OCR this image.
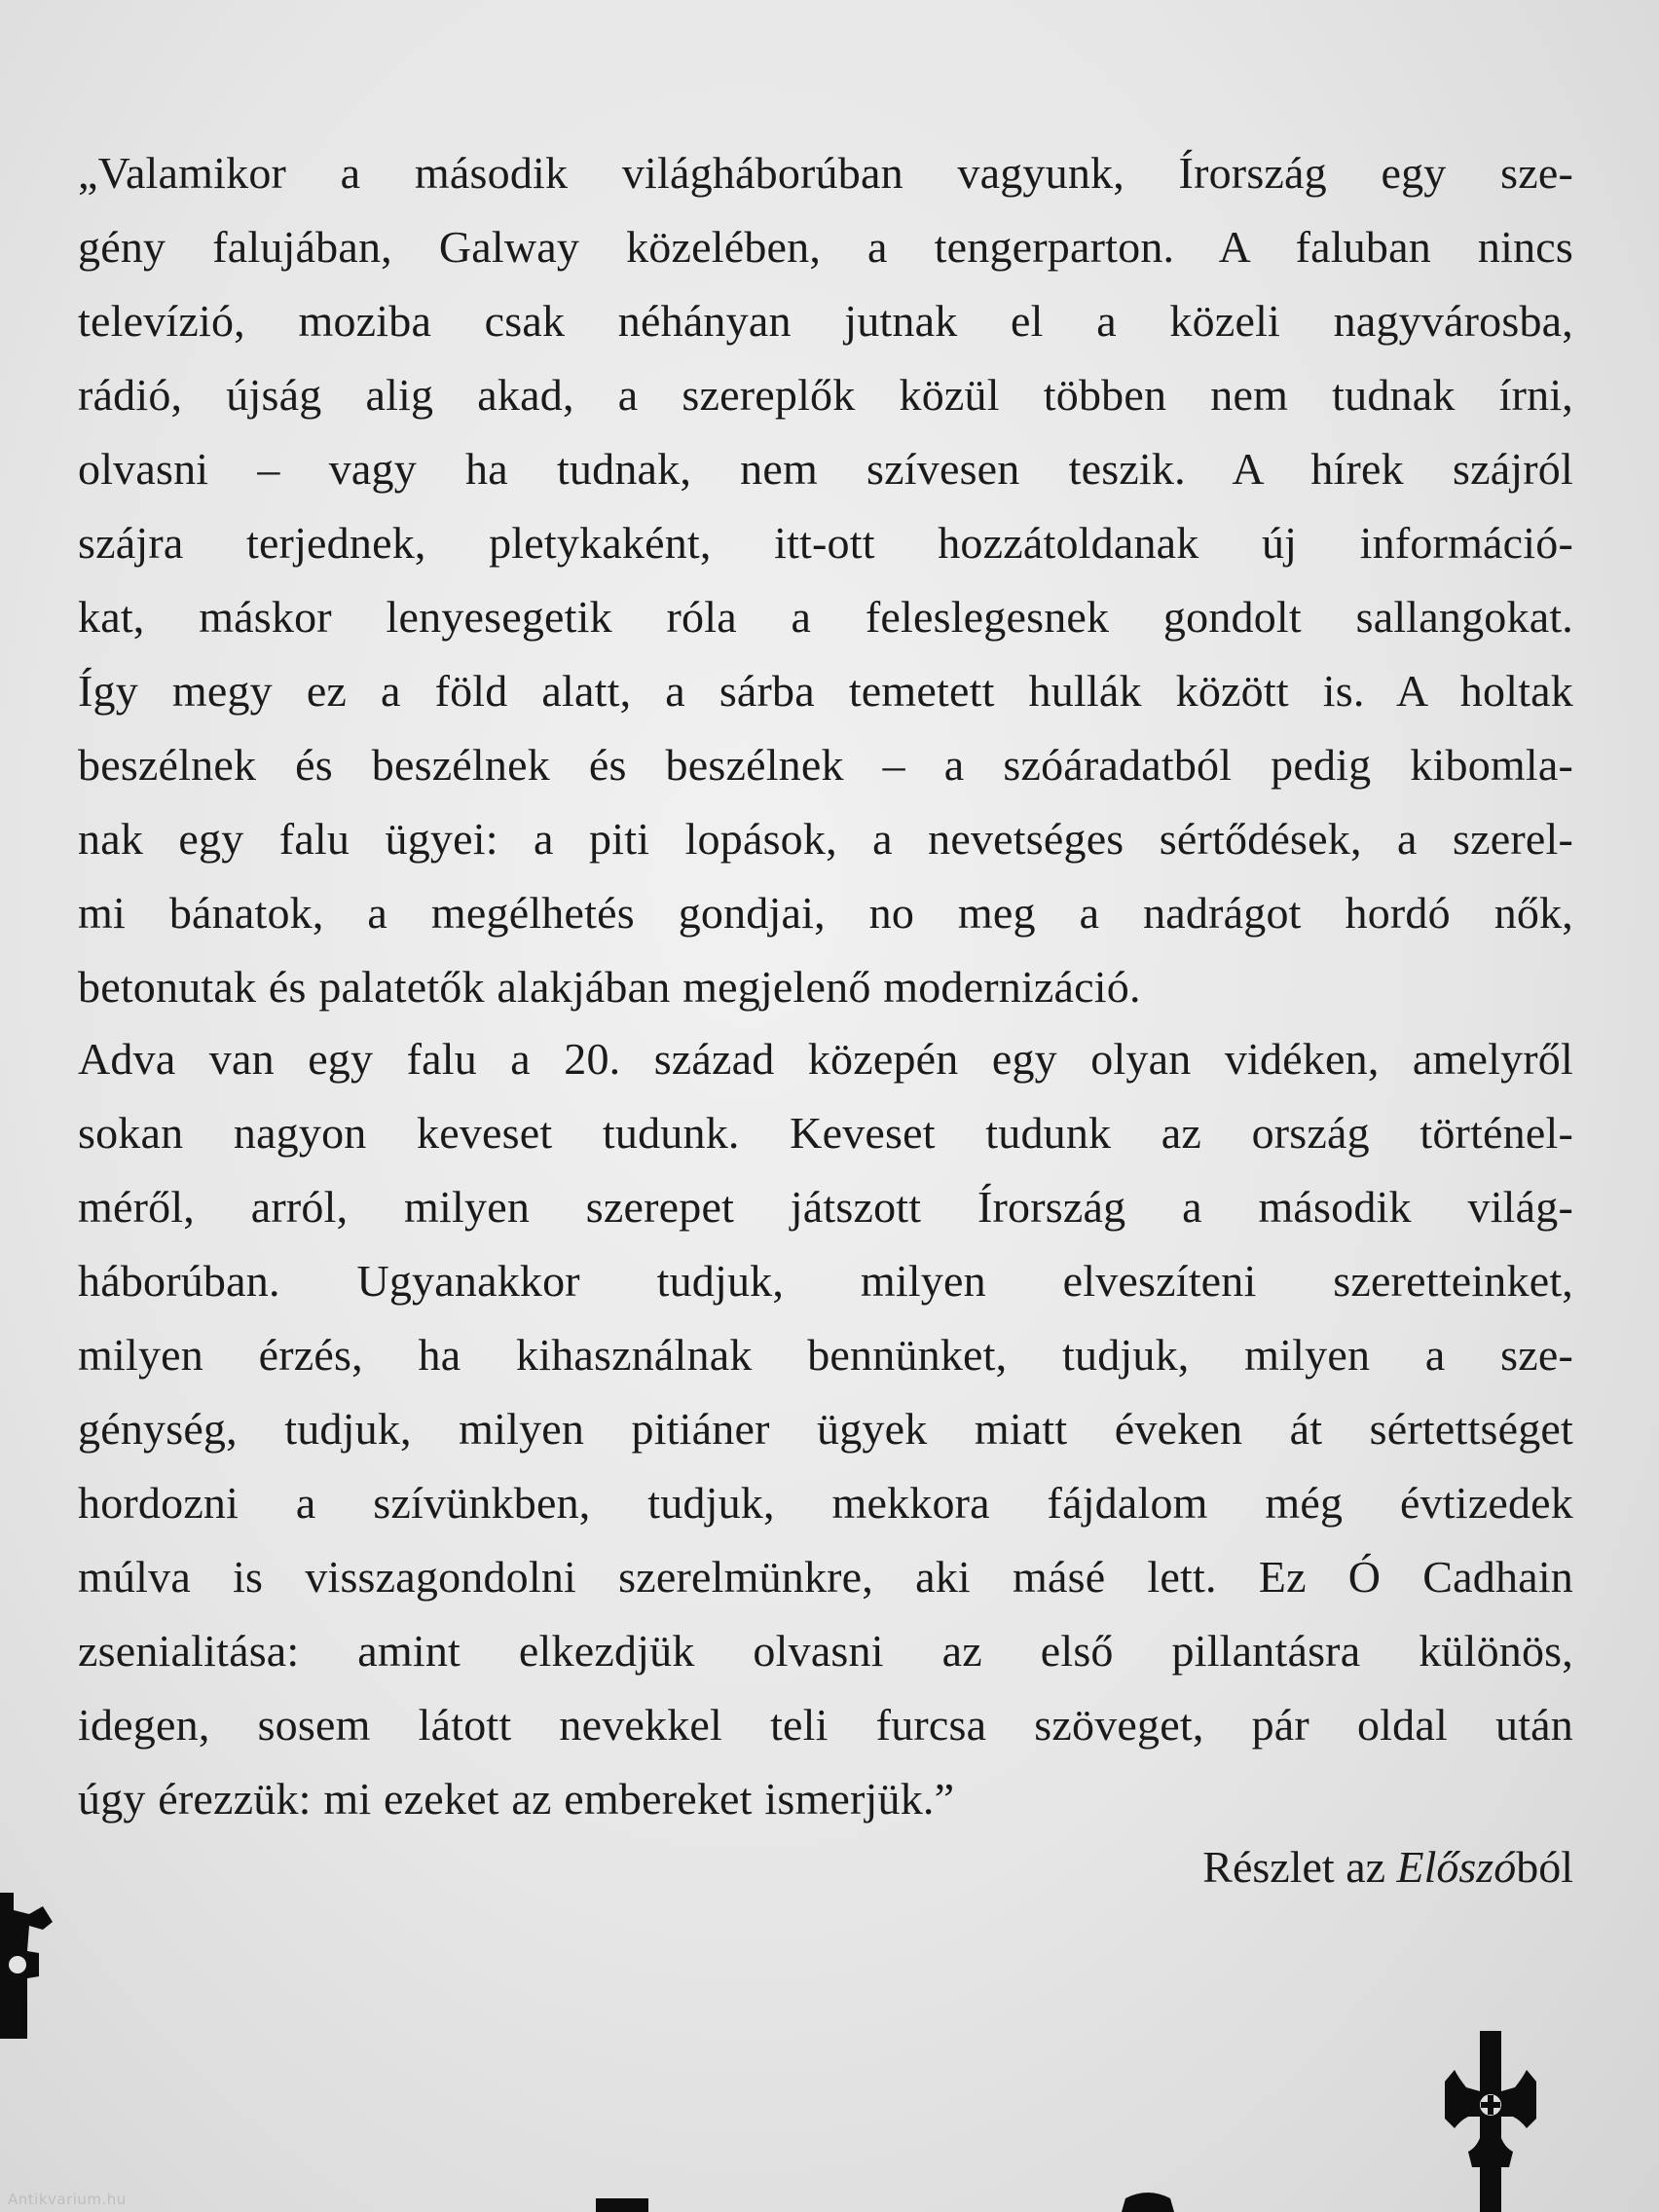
„Valamikor a második világháborúban vagyunk, Írország egy sze-
gény falujában, Galway közelében, a tengerparton. A faluban nincs
televízió, moziba csak néhányan jutnak el a közeli nagyvárosba,
rádió, újság alig akad, a szereplők közül többen nem tudnak írni,
olvasni – vagy ha tudnak, nem szívesen teszik. A hírek szájról
szájra terjednek, pletykaként, itt-ott hozzátoldanak új információ-
kat, máskor lenyesegetik róla a feleslegesnek gondolt sallangokat.
Így megy ez a föld alatt, a sárba temetett hullák között is. A holtak
beszélnek és beszélnek és beszélnek – a szóáradatból pedig kibomla-
nak egy falu ügyei: a piti lopások, a nevetséges sértődések, a szerel-
mi bánatok, a megélhetés gondjai, no meg a nadrágot hordó nők,
betonutak és palatetők alakjában megjelenő modernizáció.
Adva van egy falu a 20. század közepén egy olyan vidéken, amelyről
sokan nagyon keveset tudunk. Keveset tudunk az ország történel-
méről, arról, milyen szerepet játszott Írország a második világ-
háborúban. Ugyanakkor tudjuk, milyen elveszíteni szeretteinket,
milyen érzés, ha kihasználnak bennünket, tudjuk, milyen a sze-
génység, tudjuk, milyen pitiáner ügyek miatt éveken át sértettséget
hordozni a szívünkben, tudjuk, mekkora fájdalom még évtizedek
múlva is visszagondolni szerelmünkre, aki másé lett. Ez Ó Cadhain
zsenialitása: amint elkezdjük olvasni az első pillantásra különös,
idegen, sosem látott nevekkel teli furcsa szöveget, pár oldal után
úgy érezzük: mi ezeket az embereket ismerjük.”
Részlet az Előszóból
Antikvarium.hu
